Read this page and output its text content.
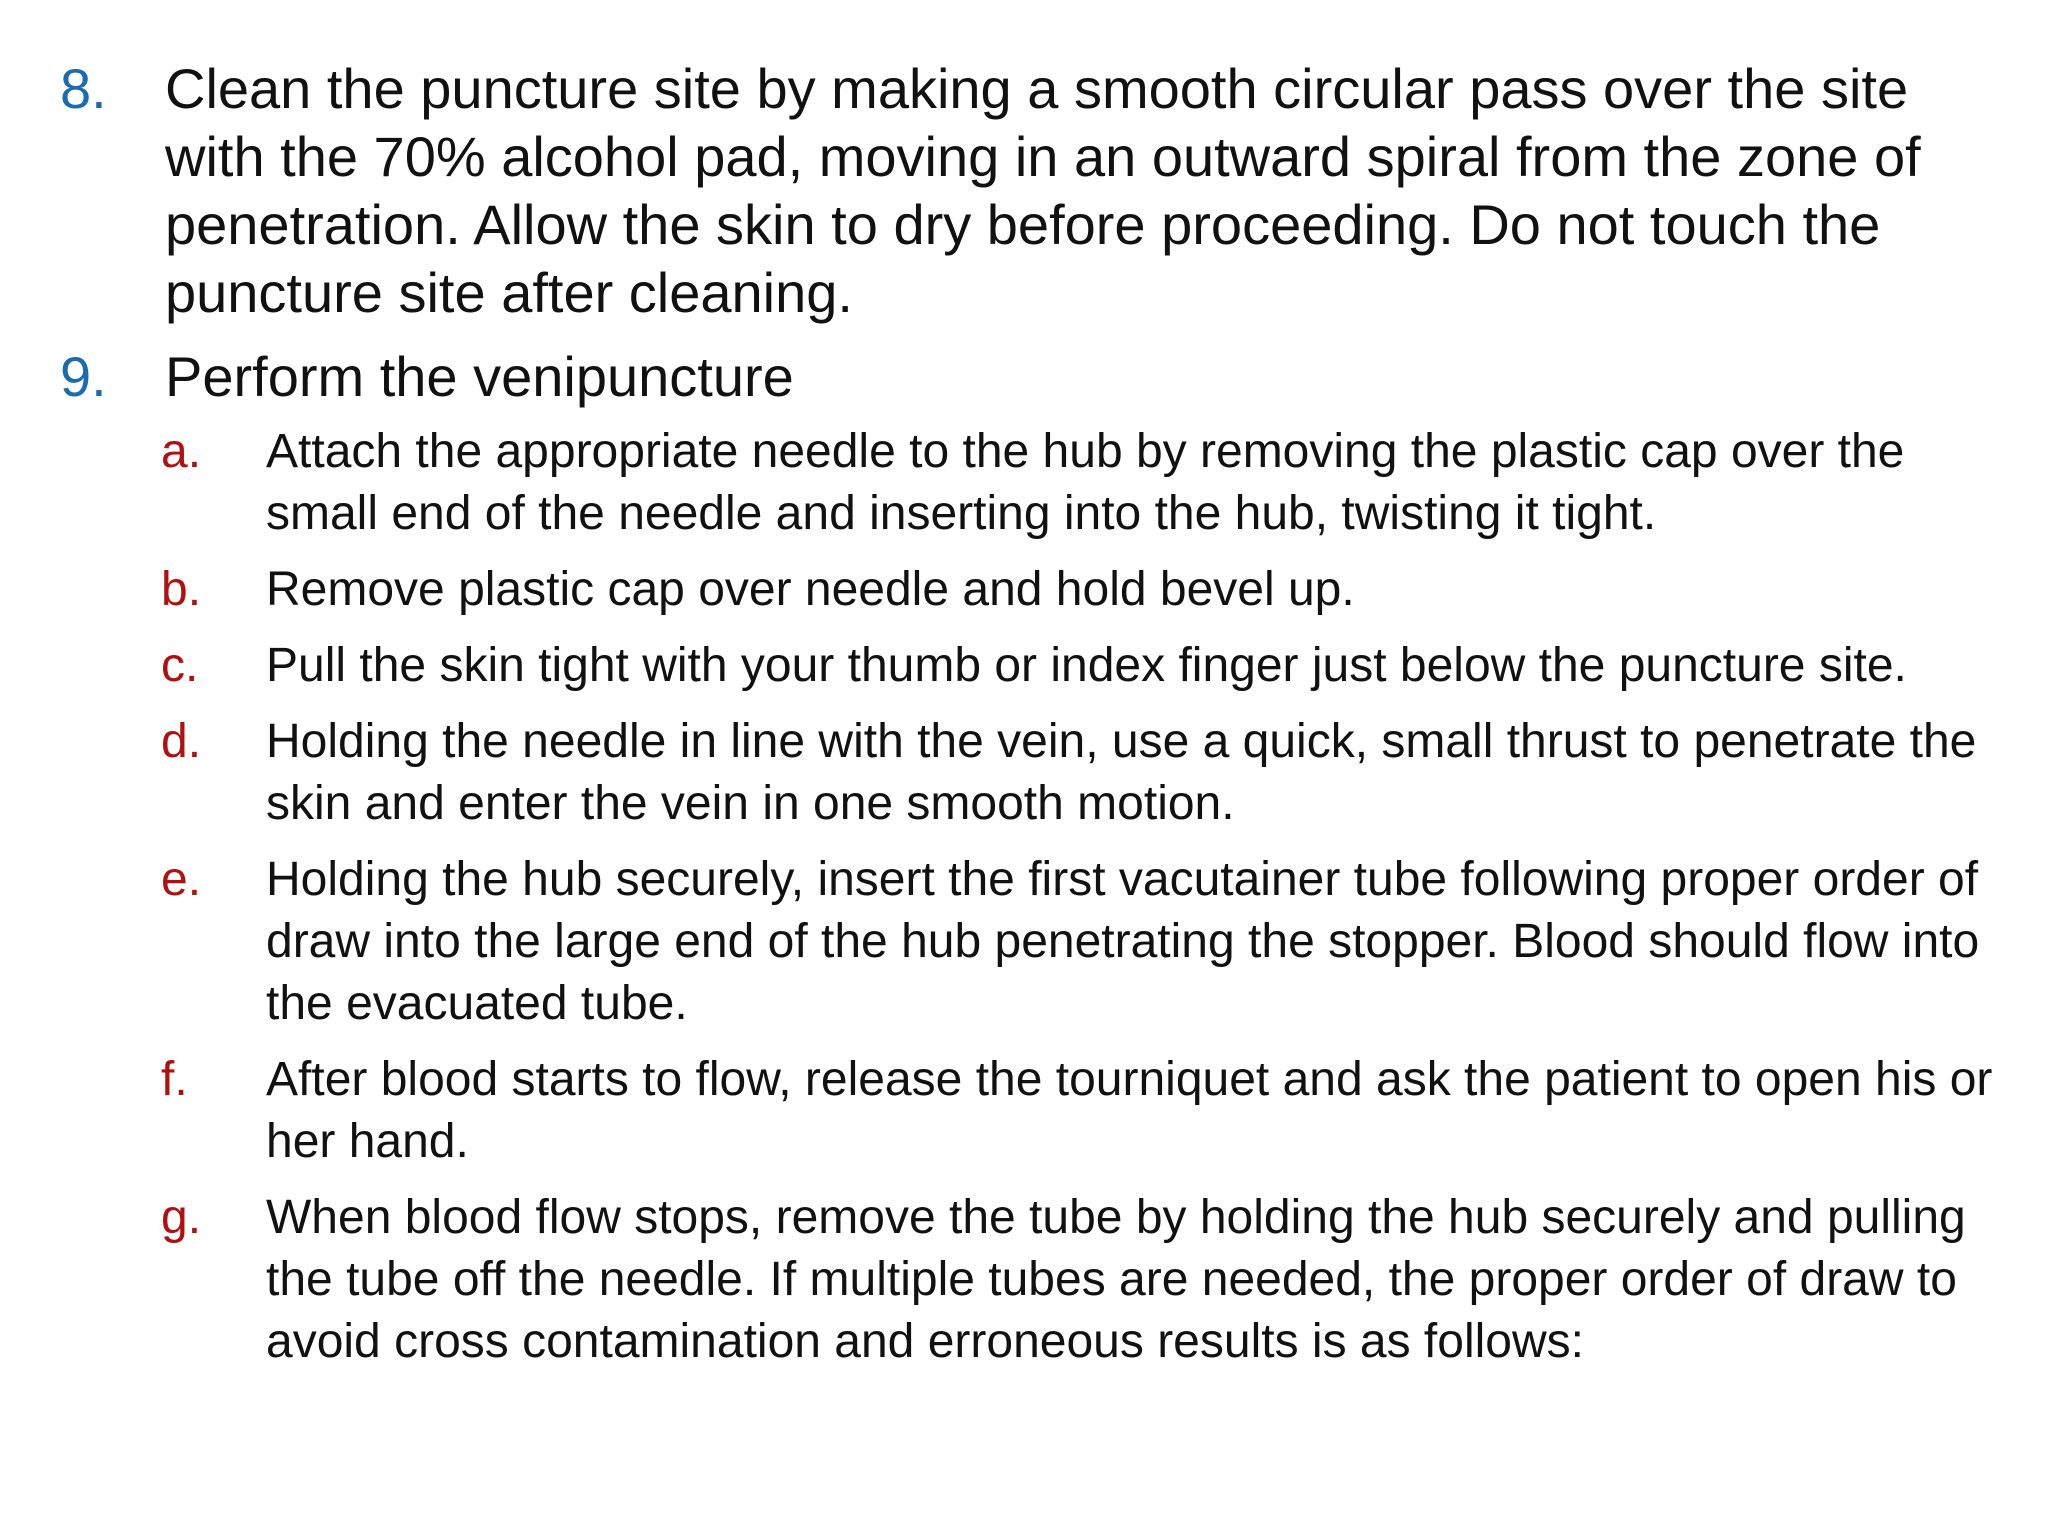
8. Clean the puncture site by making a smooth circular pass over the site with the 70% alcohol pad, moving in an outward spiral from the zone of penetration. Allow the skin to dry before proceeding. Do not touch the puncture site after cleaning.
9. Perform the venipuncture
a. Attach the appropriate needle to the hub by removing the plastic cap over the small end of the needle and inserting into the hub, twisting it tight.
b. Remove plastic cap over needle and hold bevel up.
c. Pull the skin tight with your thumb or index finger just below the puncture site.
d. Holding the needle in line with the vein, use a quick, small thrust to penetrate the skin and enter the vein in one smooth motion.
e. Holding the hub securely, insert the first vacutainer tube following proper order of draw into the large end of the hub penetrating the stopper. Blood should flow into the evacuated tube.
f. After blood starts to flow, release the tourniquet and ask the patient to open his or her hand.
g. When blood flow stops, remove the tube by holding the hub securely and pulling the tube off the needle. If multiple tubes are needed, the proper order of draw to avoid cross contamination and erroneous results is as follows:
